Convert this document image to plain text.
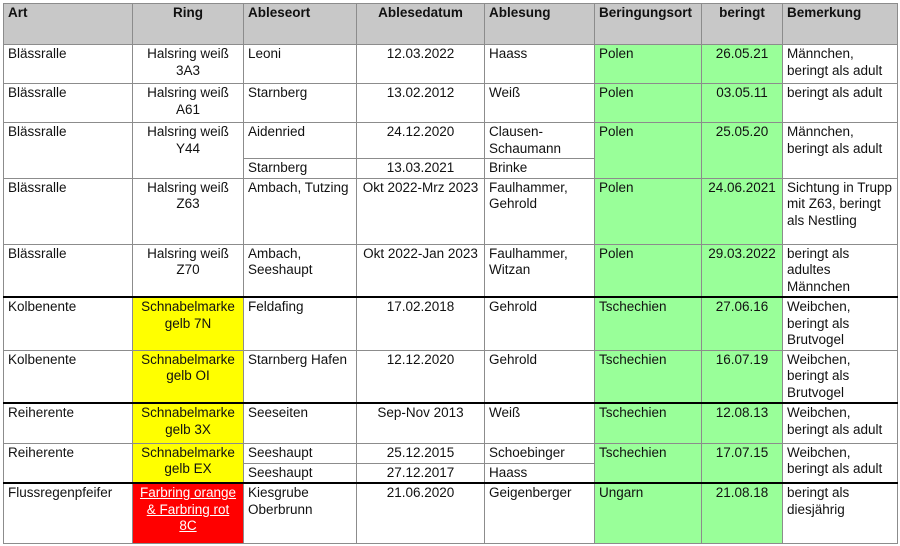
Art	Ring	Ableseort	Ablesedatum	Ablesung	Beringungsort	beringt	Bemerkung
Blässralle	Halsring weiß 3A3	Leoni	12.03.2022	Haass	Polen	26.05.21	Männchen, beringt als adult
Blässralle	Halsring weiß A61	Starnberg	13.02.2012	Weiß	Polen	03.05.11	beringt als adult
Blässralle	Halsring weiß Y44	Aidenried	24.12.2020	Clausen-Schaumann	Polen	25.05.20	Männchen, beringt als adult
		Starnberg	13.03.2021	Brinke			
Blässralle	Halsring weiß Z63	Ambach, Tutzing	Okt 2022-Mrz 2023	Faulhammer, Gehrold	Polen	24.06.2021	Sichtung in Trupp mit Z63, beringt als Nestling
Blässralle	Halsring weiß Z70	Ambach, Seeshaupt	Okt 2022-Jan 2023	Faulhammer, Witzan	Polen	29.03.2022	beringt als adultes Männchen
Kolbenente	Schnabelmarke gelb 7N	Feldafing	17.02.2018	Gehrold	Tschechien	27.06.16	Weibchen, beringt als Brutvogel
Kolbenente	Schnabelmarke gelb OI	Starnberg Hafen	12.12.2020	Gehrold	Tschechien	16.07.19	Weibchen, beringt als Brutvogel
Reiherente	Schnabelmarke gelb 3X	Seeseiten	Sep-Nov 2013	Weiß	Tschechien	12.08.13	Weibchen, beringt als adult
Reiherente	Schnabelmarke gelb EX	Seeshaupt	25.12.2015	Schoebinger	Tschechien	17.07.15	Weibchen, beringt als adult
		Seeshaupt	27.12.2017	Haass			
Flussregenpfeifer	Farbring orange & Farbring rot 8C	Kiesgrube Oberbrunn	21.06.2020	Geigenberger	Ungarn	21.08.18	beringt als diesjährig
